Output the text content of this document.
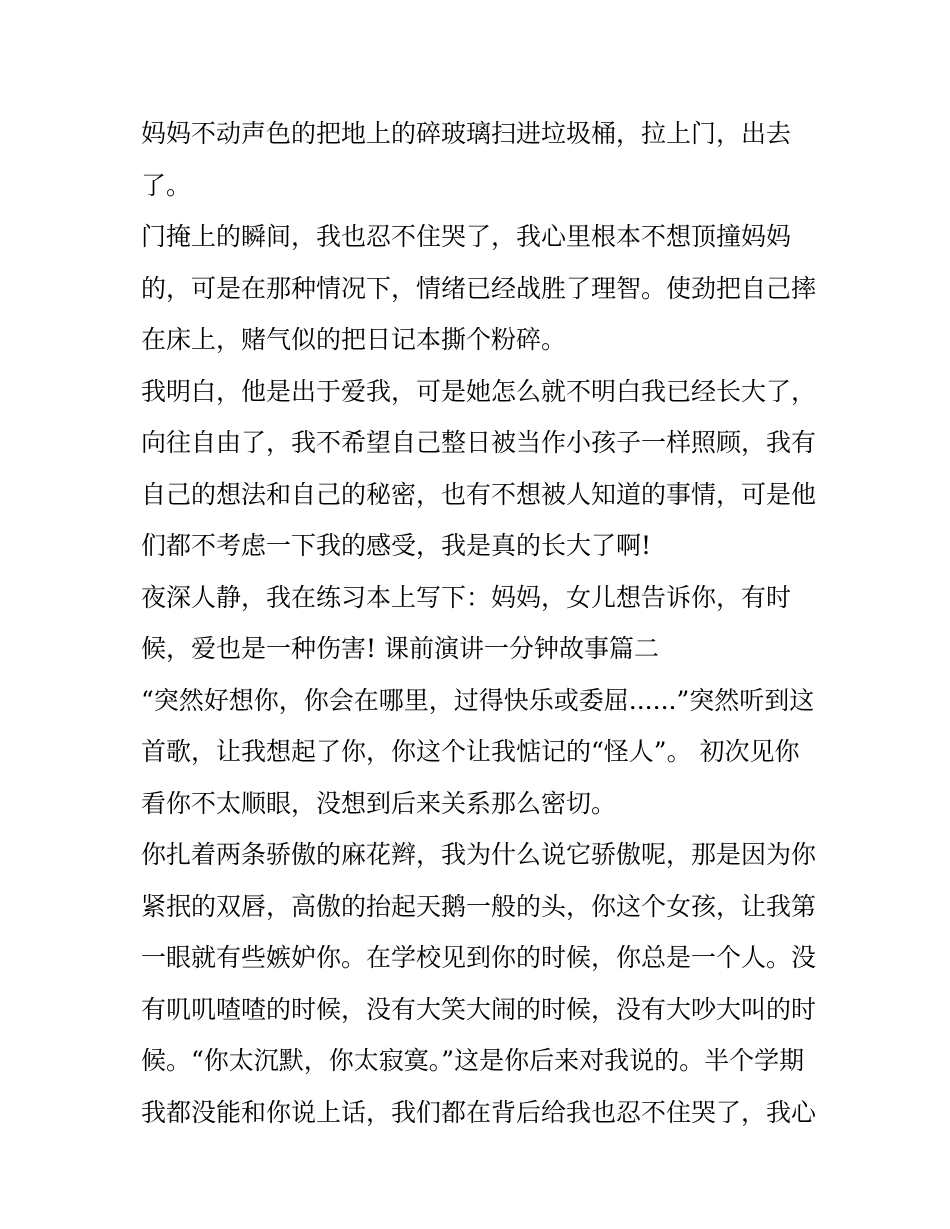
妈妈不动声色的把地上的碎玻璃扫进垃圾桶，拉上门，出去
了。
门掩上的瞬间，我也忍不住哭了，我心里根本不想顶撞妈妈
的，可是在那种情况下，情绪已经战胜了理智。使劲把自己摔
在床上，赌气似的把日记本撕个粉碎。
我明白，他是出于爱我，可是她怎么就不明白我已经长大了，
向往自由了，我不希望自己整日被当作小孩子一样照顾，我有
自己的想法和自己的秘密，也有不想被人知道的事情，可是他
们都不考虑一下我的感受，我是真的长大了啊!
夜深人静，我在练习本上写下：妈妈，女儿想告诉你，有时
候，爱也是一种伤害! 课前演讲一分钟故事篇二
“突然好想你，你会在哪里，过得快乐或委屈......”突然听到这
首歌，让我想起了你，你这个让我惦记的“怪人”。 初次见你
看你不太顺眼，没想到后来关系那么密切。
你扎着两条骄傲的麻花辫，我为什么说它骄傲呢，那是因为你
紧抿的双唇，高傲的抬起天鹅一般的头，你这个女孩，让我第
一眼就有些嫉妒你。在学校见到你的时候，你总是一个人。没
有叽叽喳喳的时候，没有大笑大闹的时候，没有大吵大叫的时
候。“你太沉默，你太寂寞。”这是你后来对我说的。半个学期
我都没能和你说上话，我们都在背后给我也忍不住哭了，我心
